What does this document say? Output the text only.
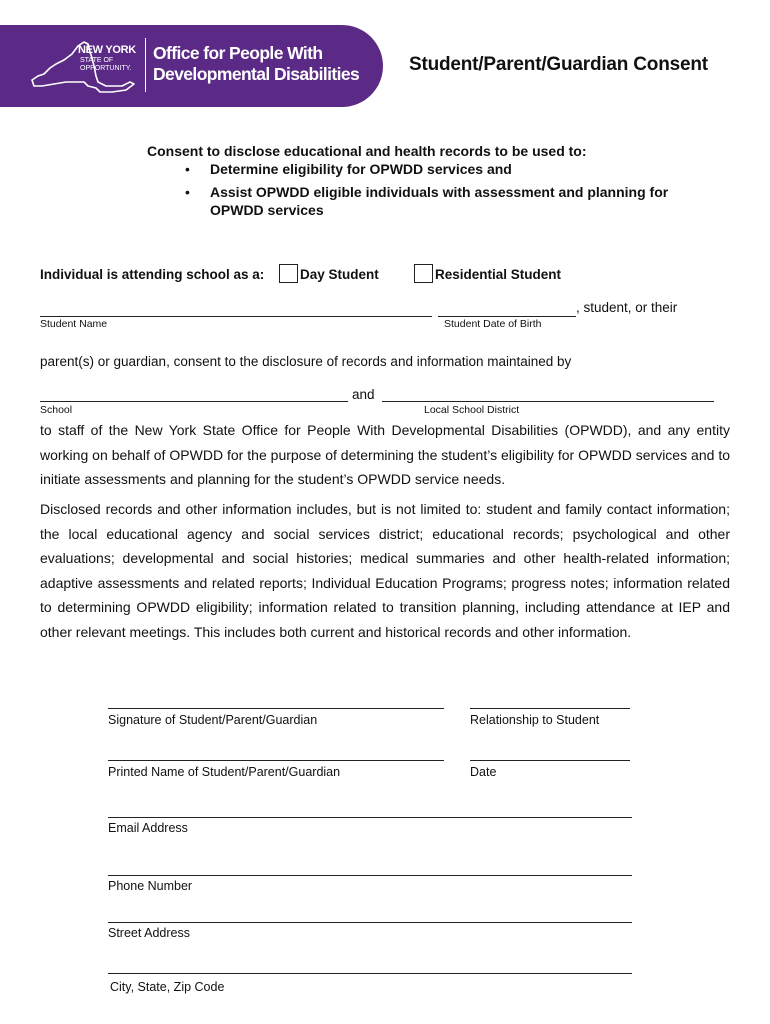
NEW YORK
STATE OF
OPPORTUNITY.
Office for People With
Developmental Disabilities	Student/Parent/Guardian Consent
Consent to disclose educational and health records to be used to:
• Determine eligibility for OPWDD services and
• Assist OPWDD eligible individuals with assessment and planning for
OPWDD services
Individual is attending school as a:	Day Student	Residential Student
, student, or their
Student Name	Student Date of Birth
parent(s) or guardian, consent to the disclosure of records and information maintained by
and
School	Local School District
to staff of the New York State Office for People With Developmental Disabilities (OPWDD), and any entity working on behalf of OPWDD for the purpose of determining the student’s eligibility for OPWDD services and to initiate assessments and planning for the student’s OPWDD service needs.
Disclosed records and other information includes, but is not limited to: student and family contact information; the local educational agency and social services district; educational records; psychological and other evaluations; developmental and social histories; medical summaries and other health-related information; adaptive assessments and related reports; Individual Education Programs; progress notes; information related to determining OPWDD eligibility; information related to transition planning, including attendance at IEP and other relevant meetings. This includes both current and historical records and other information.
Signature of Student/Parent/Guardian	Relationship to Student
Printed Name of Student/Parent/Guardian	Date
Email Address
Phone Number
Street Address
City, State, Zip Code
